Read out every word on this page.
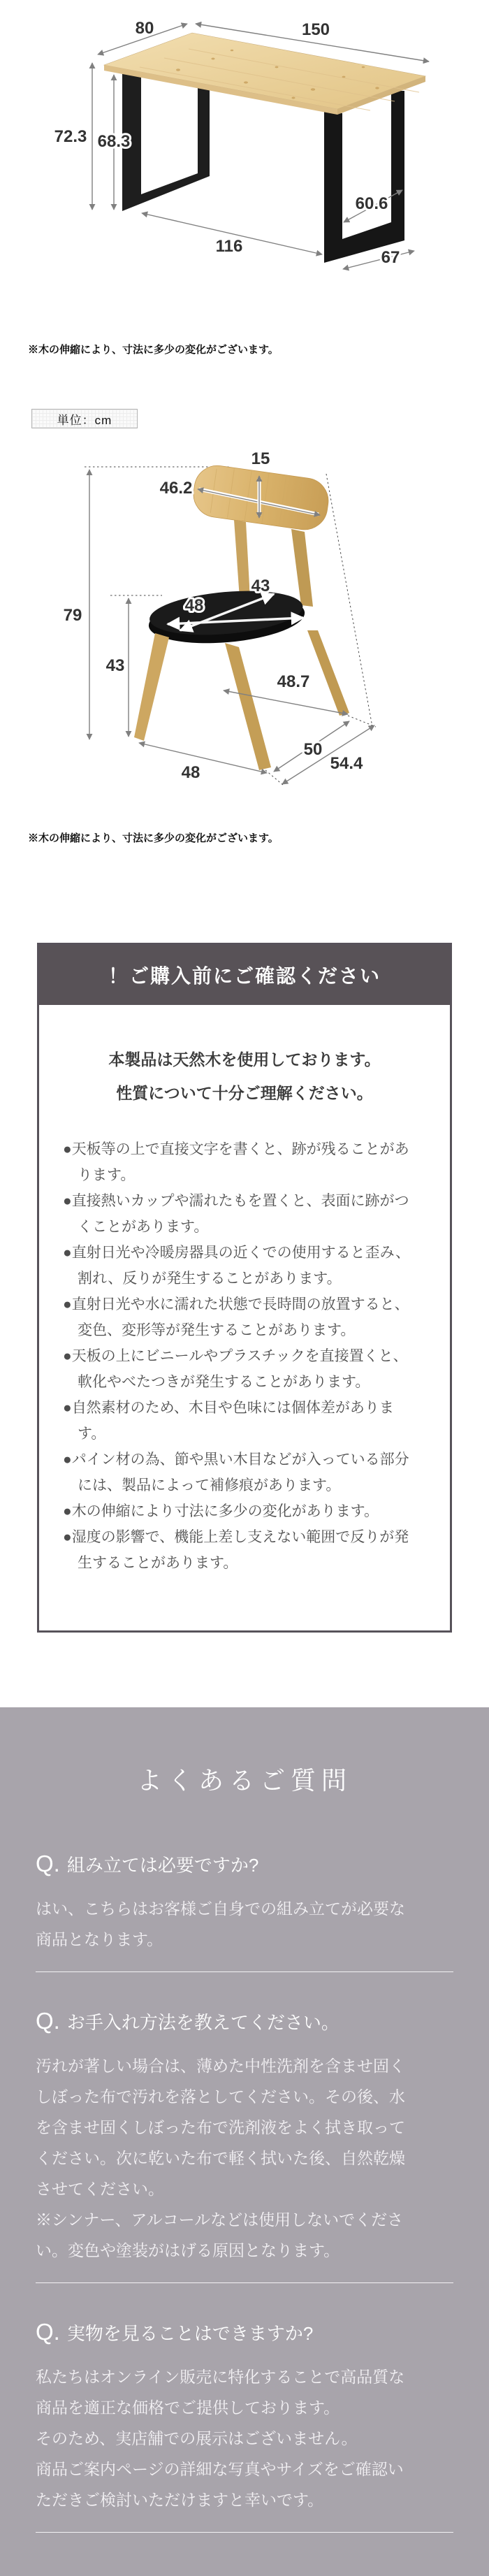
80	150
72.3 68.3
116
60.6
67
※木の伸縮により、寸法に多少の変化がございます。
単位：cm
15
46.2
79
43
48
43
48.7
48
50
54.4
※木の伸縮により、寸法に多少の変化がございます。
！ご購入前にご確認ください
本製品は天然木を使用しております。
性質について十分ご理解ください。
●天板等の上で直接文字を書くと、跡が残ることがあります。
●直接熱いカップや濡れたもを置くと、表面に跡がつくことがあります。
●直射日光や冷暖房器具の近くでの使用すると歪み、割れ、反りが発生することがあります。
●直射日光や水に濡れた状態で長時間の放置すると、変色、変形等が発生することがあります。
●天板の上にビニールやプラスチックを直接置くと、軟化やべたつきが発生することがあります。
●自然素材のため、木目や色味には個体差があります。
●パイン材の為、節や黒い木目などが入っている部分には、製品によって補修痕があります。
●木の伸縮により寸法に多少の変化があります。
●湿度の影響で、機能上差し支えない範囲で反りが発生することがあります。
よくあるご質問
Q. 組み立ては必要ですか?
はい、こちらはお客様ご自身での組み立てが必要な商品となります。
Q. お手入れ方法を教えてください。
汚れが著しい場合は、薄めた中性洗剤を含ませ固くしぼった布で汚れを落としてください。その後、水を含ませ固くしぼった布で洗剤液をよく拭き取ってください。次に乾いた布で軽く拭いた後、自然乾燥させてください。
※シンナー、アルコールなどは使用しないでください。変色や塗装がはげる原因となります。
Q. 実物を見ることはできますか?
私たちはオンライン販売に特化することで高品質な商品を適正な価格でご提供しております。
そのため、実店舗での展示はございません。
商品ご案内ページの詳細な写真やサイズをご確認いただきご検討いただけますと幸いです。
